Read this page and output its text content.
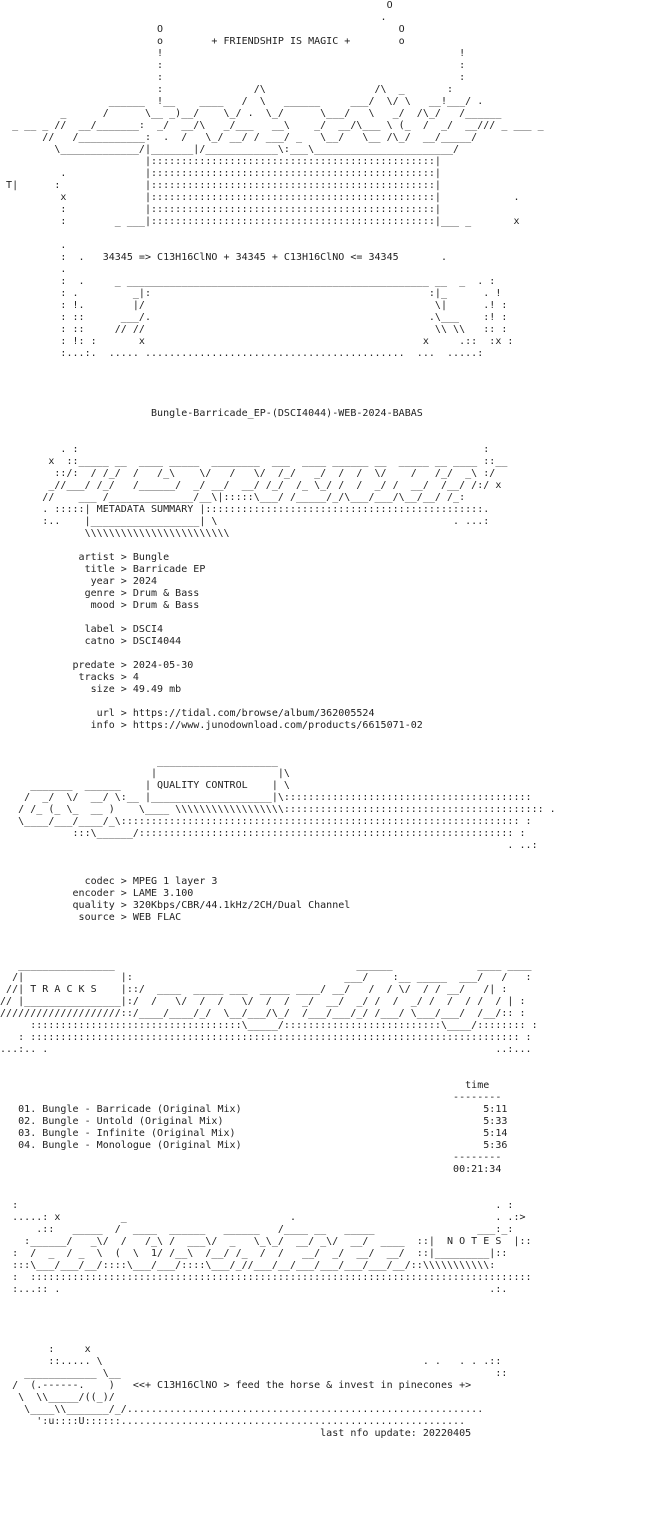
O
.
O                                       O
o        + FRIENDSHIP IS MAGIC +        o
!                                                 !
:                                                 :
:                                                 :
:               /\                  /\  _       :
______  !__    ____   /  \   ______     ___/  \/ \   __!___/ .
_      /      \__ _)__/    \_/ .  \_/      \___/   \   _/  /\_/   /______
_ __ _ //  __/_______:  _/  __/\   _/___   __\    _/  __/\___ \ (_  /  _/  __/// _ ___ _
//   /___________:  .  /   \_/ __/ / ___/ _   \__/   \__ /\_/  __/_____/
\_____________/|_______|/____________\:___\_______________________/
|:::::::::::::::::::::::::::::::::::::::::::::::|
.             |:::::::::::::::::::::::::::::::::::::::::::::::|
T|      :              |:::::::::::::::::::::::::::::::::::::::::::::::|
x             |:::::::::::::::::::::::::::::::::::::::::::::::|            .
:             |:::::::::::::::::::::::::::::::::::::::::::::::|
:        _ ___|:::::::::::::::::::::::::::::::::::::::::::::::|___ _       x

.
:  .   34345 => C13H16ClNO + 34345 + C13H16ClNO <= 34345       .
.
:  .     _ __________________________________________________ __  _  . :
: .         _|:                                              :|_      . !
: !.        |/                                                \|      .! :
: ::      ___/.                                              .\___    :! :
: ::     // //                                                \\ \\   :: :
: !: :       x                                              x     .::  :x :
:...:.  ..... ...........................................  ...  .....:

Bungle-Barricade_EP-(DSCI4044)-WEB-2024-BABAS

. :                                                                   :
x  ::_____ __  ____ _____  ________  ___  ____ ______ __  _____ __ ____ ::__
::/:  / /_/  /   /_\    \/   /   \/  /_/   _/  /  /  \/    /   /_/  _\ :/
_//___/ /_/   /______/  _/ __/  __/ /_/  /_ \_/ /  /  _/ /  __/  /__/ /:/ x
//    ___ /______________/__\|:::::\___/ /_____/_/\___/___/\__/__/ /_:
. :::::| METADATA SUMMARY |::::::::::::::::::::::::::::::::::::::::::::::.
:..    |__________________| \                                       . ...:
\\\\\\\\\\\\\\\\\\\\\\\\

artist > Bungle
title > Barricade EP
year > 2024
genre > Drum & Bass
mood > Drum & Bass

label > DSCI4
catno > DSCI4044

predate > 2024-05-30
tracks > 4
size > 49.49 mb

url > https://tidal.com/browse/album/362005524
info > https://www.junodownload.com/products/6615071-02

____________________
|                    |\
_______  ______    | QUALITY CONTROL    | \
/  _/  \/  __/ \:__ |____________________|\:::::::::::::::::::::::::::::::::::::::::
/ /_ (_ \_  __ )    \____ \\\\\\\\\\\\\\\\\\::::::::::::::::::::::::::::::::::::::::::: .
\____/___/____/_\:::::::::::::::::::::::::::::::::::::::::::::::::::::::::::::::::: :
:::\______/:::::::::::::::::::::::::::::::::::::::::::::::::::::::::::::: :
. ..:

codec > MPEG 1 layer 3
encoder > LAME 3.100
quality > 320Kbps/CBR/44.1kHz/2CH/Dual Channel
source > WEB FLAC

________________                                        ______              ____ ____
/|                |:                                   ___/    :__ _____  ___/   /   :
//| T R A C K S    |::/  ____  _____ ___  _____ ____/ __/   /  / \/  / / __/   /| :
// |________________|:/  /   \/  /  /   \/  /  /  _/  __/  _/ /  /  _/ /  /  / /  / | :
////////////////////::/____/____/_/  \__/___/\_/  /___/___/_/ /___/ \___/___/  /__/:: :
:::::::::::::::::::::::::::::::::::\_____/::::::::::::::::::::::::::\____/:::::::: :
: ::::::::::::::::::::::::::::::::::::::::::::::::::::::::::::::::::::::::::::::::: :
...:.. .                                                                          ..:...

time
--------
01. Bungle - Barricade (Original Mix)                                        5:11
02. Bungle - Untold (Original Mix)                                           5:33
03. Bungle - Infinite (Original Mix)                                         5:14
04. Bungle - Monologue (Original Mix)                                        5:36
--------
00:21:34

:                                                                               . :
.....: x          _                           .                                 . .:>
.::   _____  /  ____  ______   ______   /____ __   _____                 ___:_:
:______/   _\/  /   /_\ /  ___\/  _   \_\_/  __/ _\/  __/  ____  ::|  N O T E S  |::
:  /  _  / _  \  (  \  1/ /__\  /__/ /_  /  /   __/  _/  __/  __/  ::|_________|::
:::\___/___/__/::::\___/___/::::\___/_//___/__/___/___/___/___/__/::\\\\\\\\\\\:
:  :::::::::::::::::::::::::::::::::::::::::::::::::::::::::::::::::::::::::::::::::::
:...:: .                                                                       .:.

:     x
::..... \                                                     . .   . . .::
____________ \__                                                              ::
/  (.------.    )   <<+ C13H16ClNO > feed the horse & invest in pinecones +>
\  \\_____/((_)/
\____\\_______/_/...........................................................
':u::::U::::::.........................................................
last nfo update: 20220405
